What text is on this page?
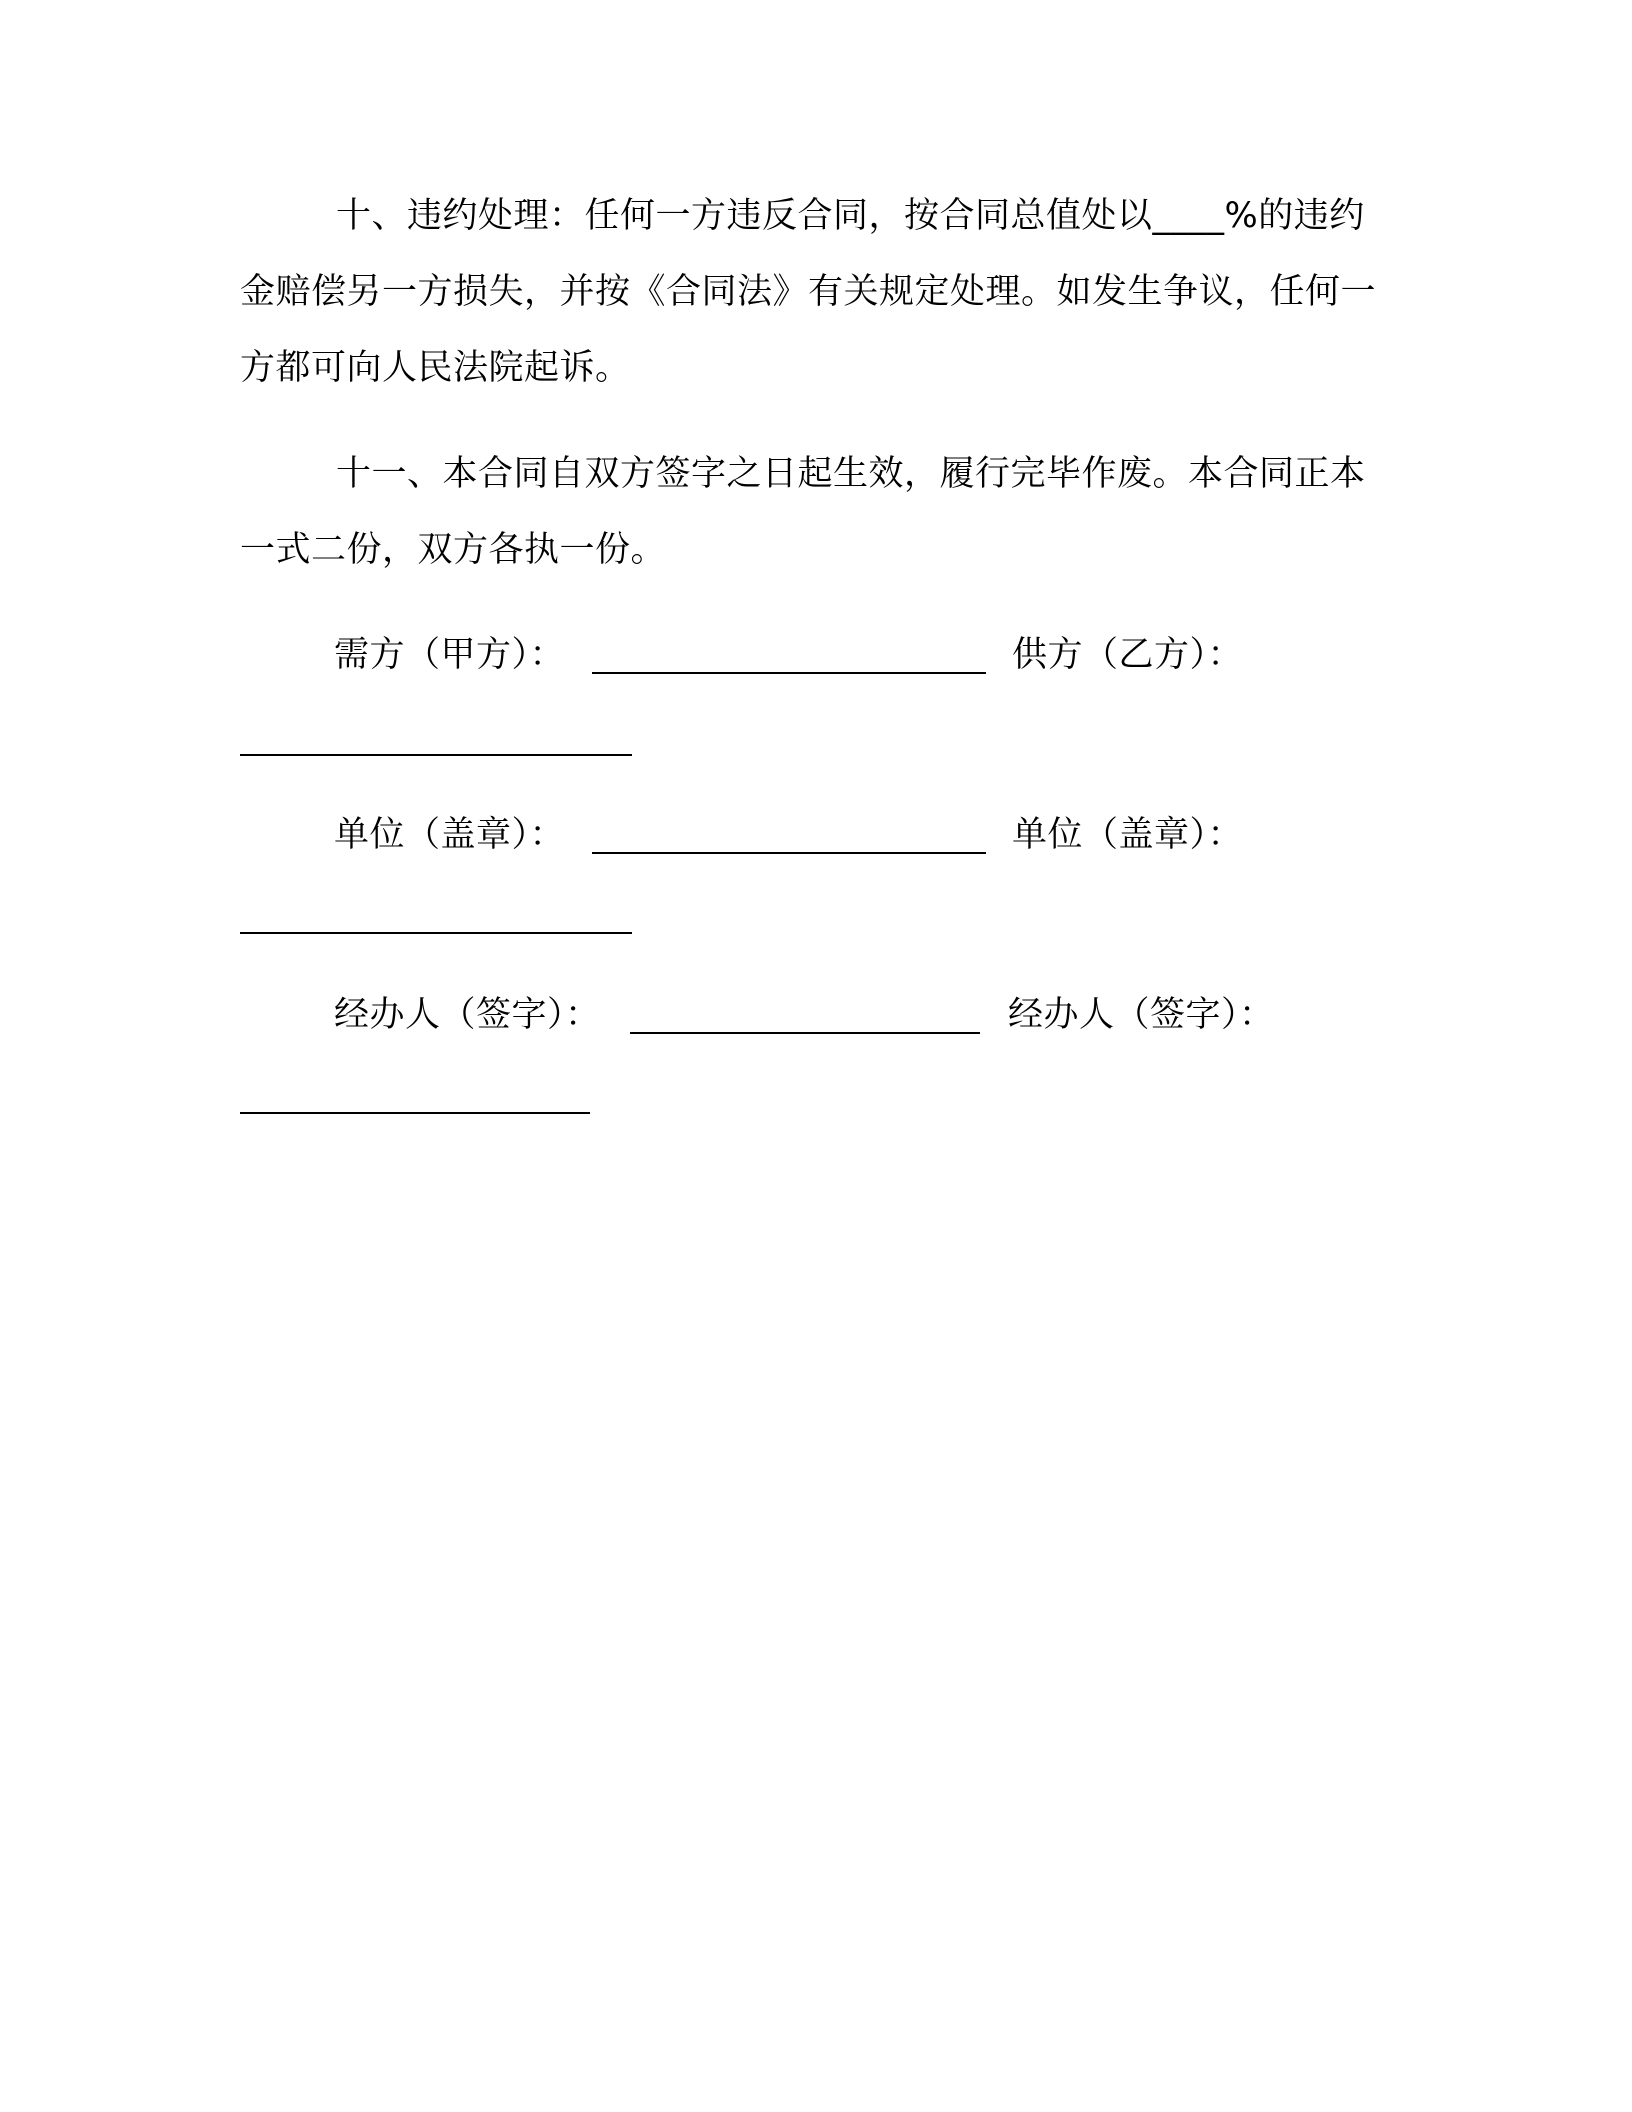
十、违约处理：任何一方违反合同，按合同总值处以____%的违约金赔偿另一方损失，并按《合同法》有关规定处理。如发生争议，任何一方都可向人民法院起诉。

十一、本合同自双方签字之日起生效，履行完毕作废。本合同正本一式二份，双方各执一份。

需方（甲方）：	供方（乙方）：
单位（盖章）：	单位（盖章）：
经办人（签字）：	经办人（签字）：
